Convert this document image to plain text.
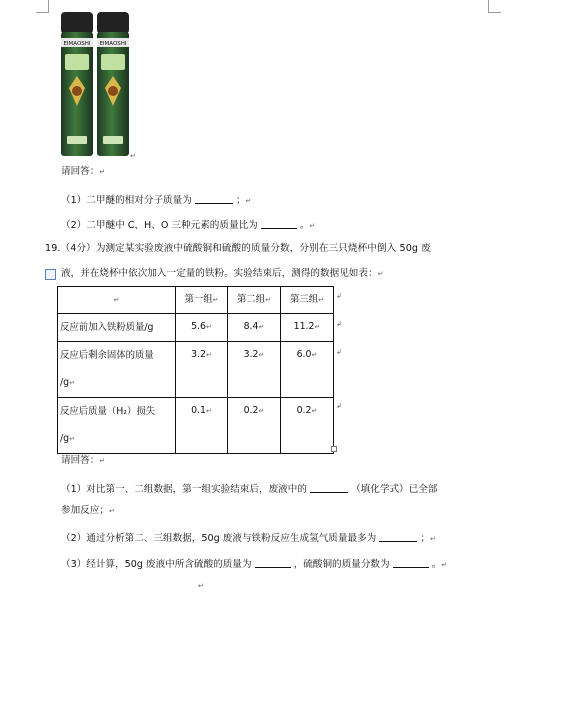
EIMAOSHI EIMAOSHI
↵
请回答：↵
（1）二甲醚的相对分子质量为	；↵
（2）二甲醚中 C、H、O 三种元素的质量比为	。↵
19.（4分）为测定某实验废液中硫酸铜和硫酸的质量分数，分别在三只烧杯中倒入 50g 废
液，并在烧杯中依次加入一定量的铁粉。实验结束后，测得的数据见如表：↵
↵	第一组↵	第二组↵	第三组↵
反应前加入铁粉质量/g	5.6↵	8.4↵	11.2↵
反应后剩余固体的质量
/g↵	3.2↵	3.2↵	6.0↵
反应后质量（H₂）损失
/g↵	0.1↵	0.2↵	0.2↵
↲
↲
↲
↲
请回答：↵
（1）对比第一、二组数据，第一组实验结束后，废液中的	（填化学式）已全部
参加反应；↵
（2）通过分析第二、三组数据，50g 废液与铁粉反应生成氢气质量最多为	；↵
（3）经计算，50g 废液中所含硫酸的质量为	，硫酸铜的质量分数为	。↵
↵
